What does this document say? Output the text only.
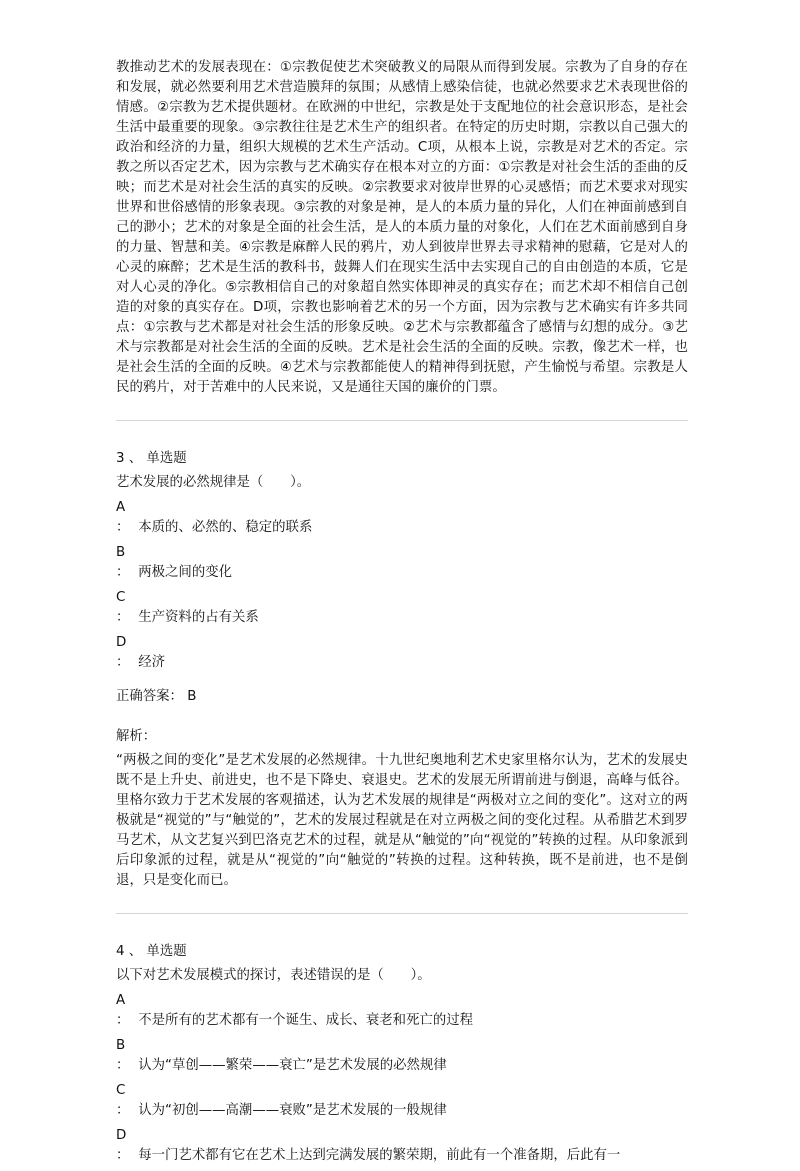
教推动艺术的发展表现在：①宗教促使艺术突破教义的局限从而得到发展。宗教为了自身的存在和发展，就必然要利用艺术营造膜拜的氛围；从感情上感染信徒，也就必然要求艺术表现世俗的情感。②宗教为艺术提供题材。在欧洲的中世纪，宗教是处于支配地位的社会意识形态，是社会生活中最重要的现象。③宗教往往是艺术生产的组织者。在特定的历史时期，宗教以自己强大的政治和经济的力量，组织大规模的艺术生产活动。C项，从根本上说，宗教是对艺术的否定。宗教之所以否定艺术，因为宗教与艺术确实存在根本对立的方面：①宗教是对社会生活的歪曲的反映；而艺术是对社会生活的真实的反映。②宗教要求对彼岸世界的心灵感悟；而艺术要求对现实世界和世俗感情的形象表现。③宗教的对象是神，是人的本质力量的异化，人们在神面前感到自己的渺小；艺术的对象是全面的社会生活，是人的本质力量的对象化，人们在艺术面前感到自身的力量、智慧和美。④宗教是麻醉人民的鸦片，劝人到彼岸世界去寻求精神的慰藉，它是对人的心灵的麻醉；艺术是生活的教科书，鼓舞人们在现实生活中去实现自己的自由创造的本质，它是对人心灵的净化。⑤宗教相信自己的对象超自然实体即神灵的真实存在；而艺术却不相信自己创造的对象的真实存在。D项，宗教也影响着艺术的另一个方面，因为宗教与艺术确实有许多共同点：①宗教与艺术都是对社会生活的形象反映。②艺术与宗教都蕴含了感情与幻想的成分。③艺术与宗教都是对社会生活的全面的反映。艺术是社会生活的全面的反映。宗教，像艺术一样，也是社会生活的全面的反映。④艺术与宗教都能使人的精神得到抚慰，产生愉悦与希望。宗教是人民的鸦片，对于苦难中的人民来说，又是通往天国的廉价的门票。

3 、 单选题
艺术发展的必然规律是（　　）。
A ： 本质的、必然的、稳定的联系
B ： 两极之间的变化
C ： 生产资料的占有关系
D ： 经济
正确答案： B
解析：
“两极之间的变化”是艺术发展的必然规律。十九世纪奥地利艺术史家里格尔认为，艺术的发展史既不是上升史、前进史，也不是下降史、衰退史。艺术的发展无所谓前进与倒退，高峰与低谷。里格尔致力于艺术发展的客观描述，认为艺术发展的规律是“两极对立之间的变化”。这对立的两极就是“视觉的”与“触觉的”，艺术的发展过程就是在对立两极之间的变化过程。从希腊艺术到罗马艺术，从文艺复兴到巴洛克艺术的过程，就是从“触觉的”向“视觉的”转换的过程。从印象派到后印象派的过程，就是从“视觉的”向“触觉的”转换的过程。这种转换，既不是前进，也不是倒退，只是变化而已。
4 、 单选题
以下对艺术发展模式的探讨，表述错误的是（　　）。
A ： 不是所有的艺术都有一个诞生、成长、衰老和死亡的过程
B ： 认为“草创——繁荣——衰亡”是艺术发展的必然规律
C ： 认为“初创——高潮——衰败”是艺术发展的一般规律
D ： 每一门艺术都有它在艺术上达到完满发展的繁荣期，前此有一个准备期，后此有一
